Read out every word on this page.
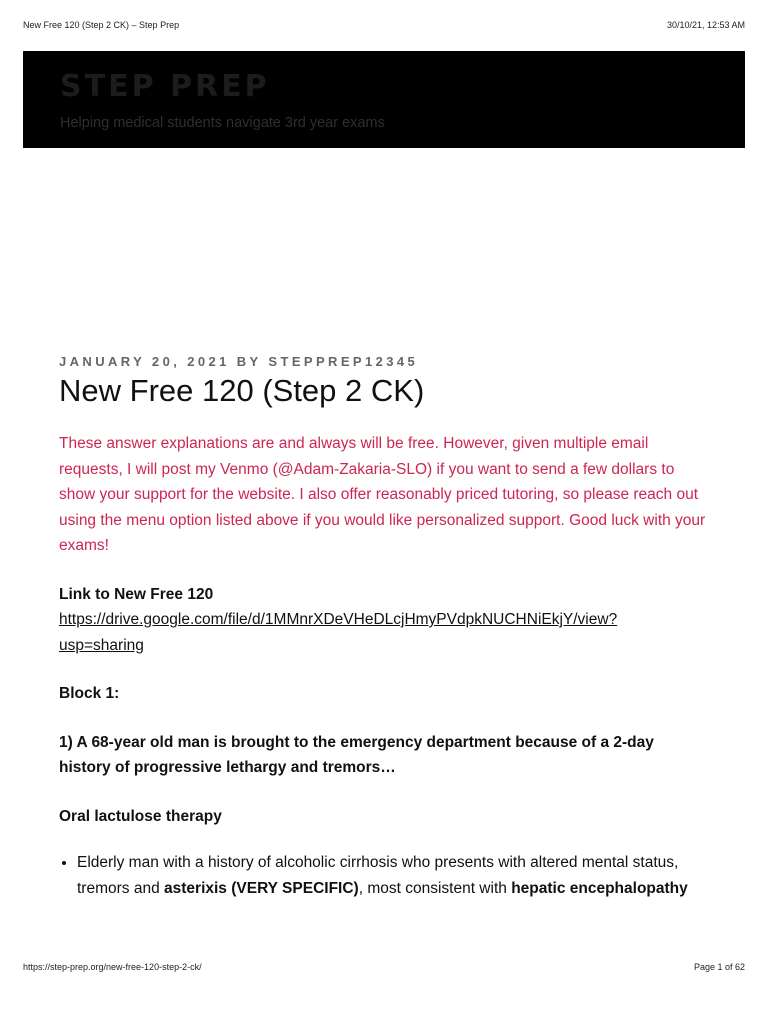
New Free 120 (Step 2 CK) – Step Prep	30/10/21, 12:53 AM
STEP PREP

Helping medical students navigate 3rd year exams

JANUARY 20, 2021 BY STEPPREP12345
New Free 120 (Step 2 CK)

These answer explanations are and always will be free. However, given multiple email requests, I will post my Venmo (@Adam-Zakaria-SLO) if you want to send a few dollars to show your support for the website. I also offer reasonably priced tutoring, so please reach out using the menu option listed above if you would like personalized support. Good luck with your exams!

Link to New Free 120
https://drive.google.com/file/d/1MMnrXDeVHeDLcjHmyPVdpkNUCHNiEkjY/view?
usp=sharing

Block 1:

1) A 68-year old man is brought to the emergency department because of a 2-day history of progressive lethargy and tremors…

Oral lactulose therapy

• Elderly man with a history of alcoholic cirrhosis who presents with altered mental status, tremors and asterixis (VERY SPECIFIC), most consistent with hepatic encephalopathy
https://step-prep.org/new-free-120-step-2-ck/	Page 1 of 62
